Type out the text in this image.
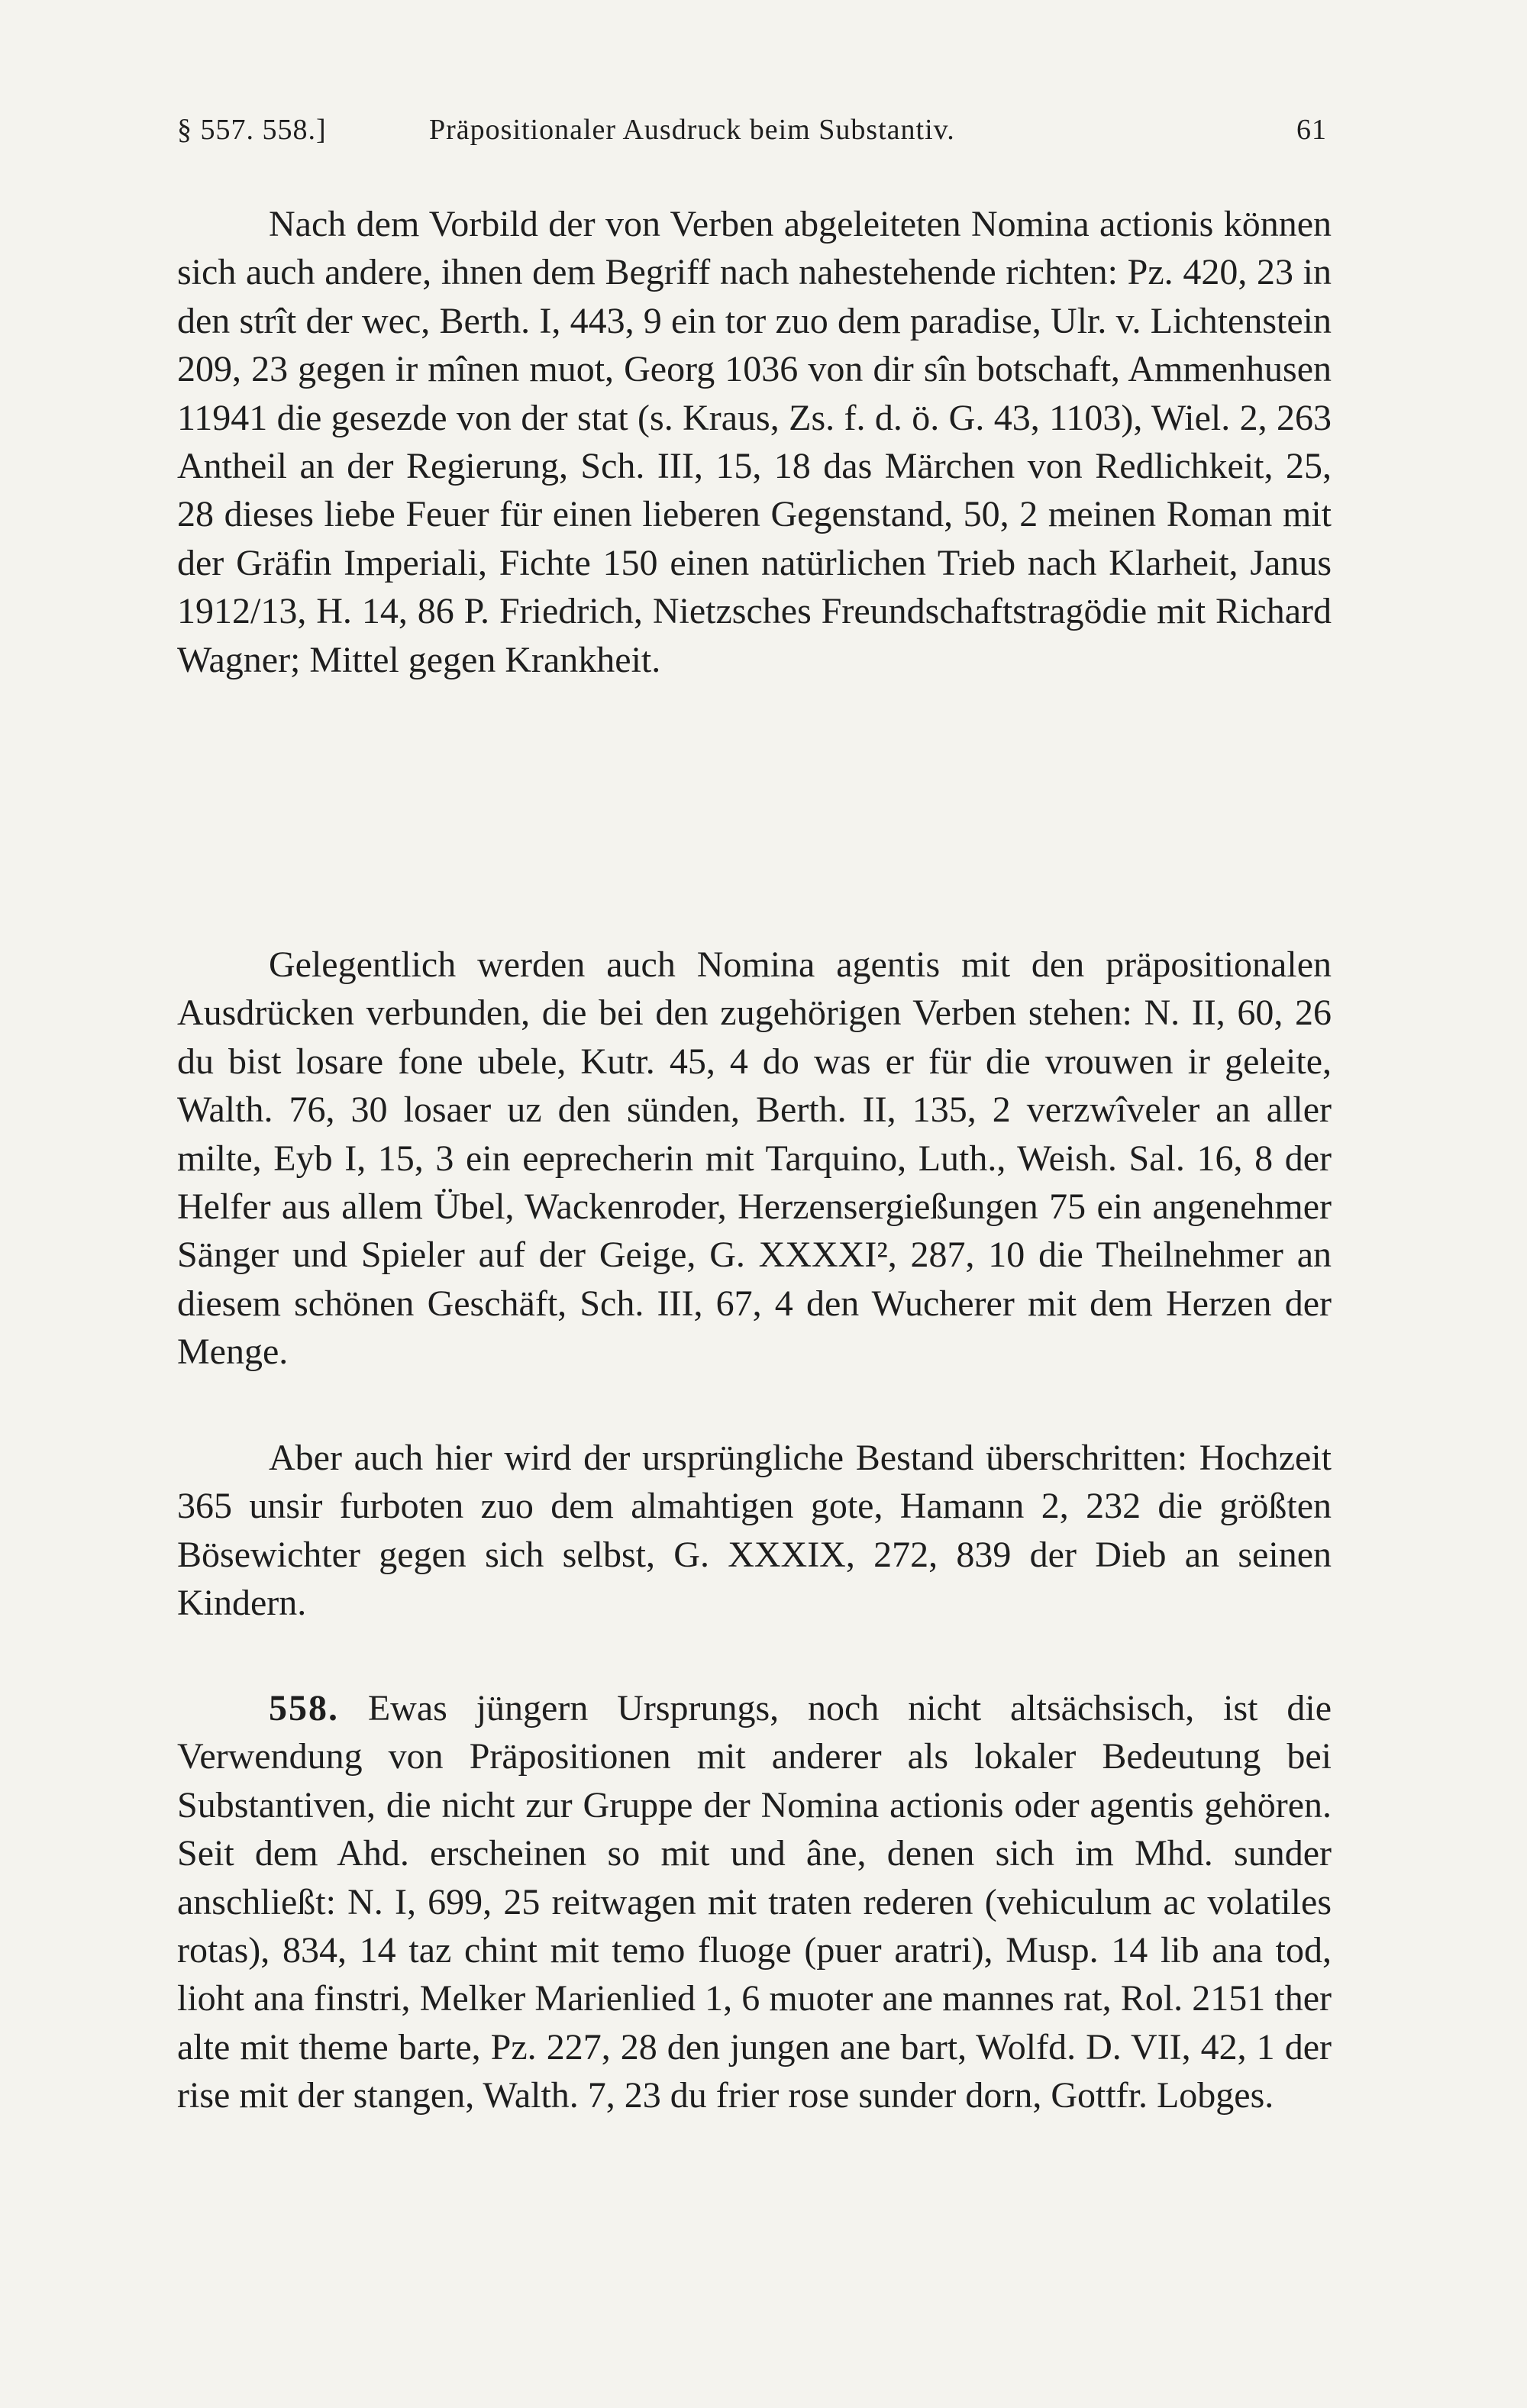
§ 557. 558.]	Präpositionaler Ausdruck beim Substantiv.	61

Nach dem Vorbild der von Verben abgeleiteten Nomina actionis können sich auch andere, ihnen dem Begriff nach nahestehende richten: Pz. 420, 23 in den strît der wec, Berth. I, 443, 9 ein tor zuo dem paradise, Ulr. v. Lichtenstein 209, 23 gegen ir mînen muot, Georg 1036 von dir sîn botschaft, Ammenhusen 11941 die gesezde von der stat (s. Kraus, Zs. f. d. ö. G. 43, 1103), Wiel. 2, 263 Antheil an der Regierung, Sch. III, 15, 18 das Märchen von Redlichkeit, 25, 28 dieses liebe Feuer für einen lieberen Gegenstand, 50, 2 meinen Roman mit der Gräfin Imperiali, Fichte 150 einen natürlichen Trieb nach Klarheit, Janus 1912/13, H. 14, 86 P. Friedrich, Nietzsches Freundschaftstragödie mit Richard Wagner; Mittel gegen Krankheit.

Gelegentlich werden auch Nomina agentis mit den präpositionalen Ausdrücken verbunden, die bei den zugehörigen Verben stehen: N. II, 60, 26 du bist losare fone ubele, Kutr. 45, 4 do was er für die vrouwen ir geleite, Walth. 76, 30 losaer uz den sünden, Berth. II, 135, 2 verzwîveler an aller milte, Eyb I, 15, 3 ein eeprecherin mit Tarquino, Luth., Weish. Sal. 16, 8 der Helfer aus allem Übel, Wackenroder, Herzensergießungen 75 ein angenehmer Sänger und Spieler auf der Geige, G. XXXXI², 287, 10 die Theilnehmer an diesem schönen Geschäft, Sch. III, 67, 4 den Wucherer mit dem Herzen der Menge.

Aber auch hier wird der ursprüngliche Bestand überschritten: Hochzeit 365 unsir furboten zuo dem almahtigen gote, Hamann 2, 232 die größten Bösewichter gegen sich selbst, G. XXXIX, 272, 839 der Dieb an seinen Kindern.

558. Ewas jüngern Ursprungs, noch nicht altsächsisch, ist die Verwendung von Präpositionen mit anderer als lokaler Bedeutung bei Substantiven, die nicht zur Gruppe der Nomina actionis oder agentis gehören. Seit dem Ahd. erscheinen so mit und âne, denen sich im Mhd. sunder anschließt: N. I, 699, 25 reitwagen mit traten rederen (vehiculum ac volatiles rotas), 834, 14 taz chint mit temo fluoge (puer aratri), Musp. 14 lib ana tod, lioht ana finstri, Melker Marienlied 1, 6 muoter ane mannes rat, Rol. 2151 ther alte mit theme barte, Pz. 227, 28 den jungen ane bart, Wolfd. D. VII, 42, 1 der rise mit der stangen, Walth. 7, 23 du frier rose sunder dorn, Gottfr. Lobges.
